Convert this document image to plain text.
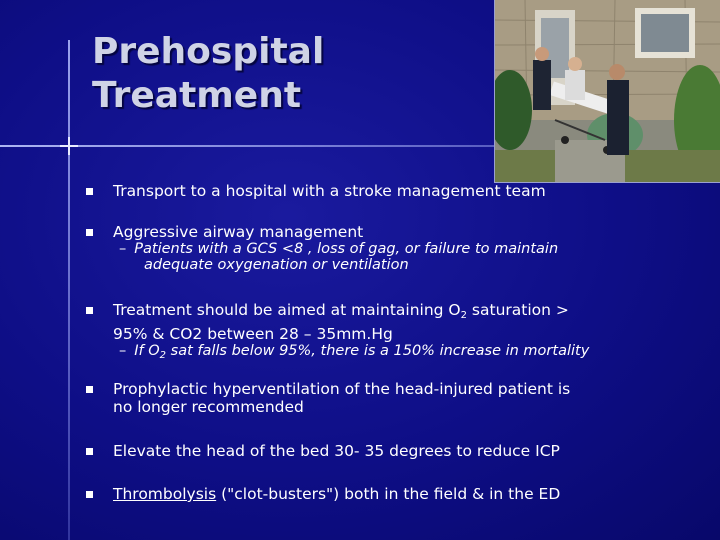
Prehospital
Treatment
Transport to a hospital with a stroke management team
Aggressive airway management
– Patients with a GCS <8 , loss of gag, or failure to maintain
adequate oxygenation or ventilation
Treatment should be aimed at maintaining $O_2$ saturation >
95% & CO2 between 28 – 35mm.Hg
– If $O_2$ sat falls below 95%, there is a 150% increase in mortality
Prophylactic hyperventilation of the head-injured patient is
no longer recommended
Elevate the head of the bed 30- 35 degrees to reduce ICP
Thrombolysis ("clot-busters") both in the field & in the ED
